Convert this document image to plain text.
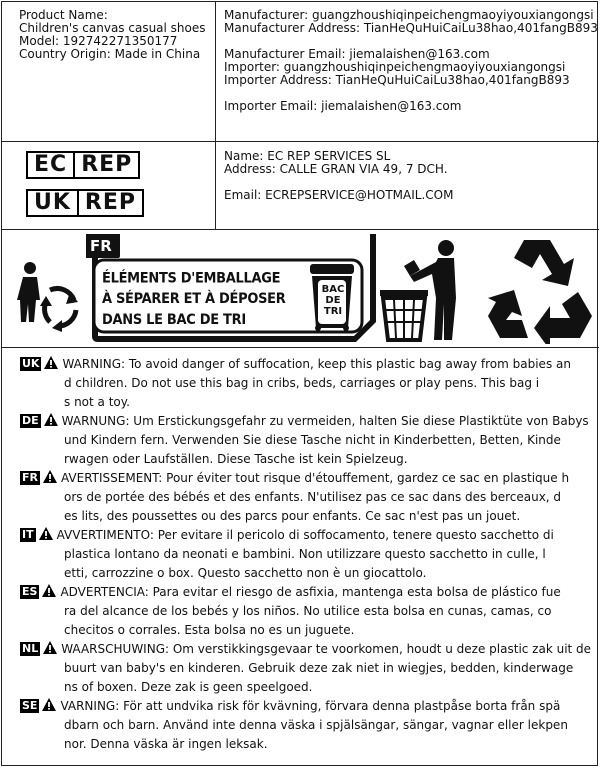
Product Name:
Children's canvas casual shoes
Model: 192742271350177
Country Origin: Made in China
Manufacturer: guangzhoushiqinpeichengmaoyiyouxiangongsi
Manufacturer Address: TianHeQuHuiCaiLu38hao,401fangB893

Manufacturer Email: jiemalaishen@163.com
Importer: guangzhoushiqinpeichengmaoyiyouxiangongsi
Importer Address: TianHeQuHuiCaiLu38hao,401fangB893

Importer Email: jiemalaishen@163.com
EC REP
UK REP
Name: EC REP SERVICES SL
Address: CALLE GRAN VIA 49, 7 DCH.

Email: ECREPSERVICE@HOTMAIL.COM
FR
ÉLÉMENTS D'EMBALLAGE
À SÉPARER ET À DÉPOSER
DANS LE BAC DE TRI
BAC
DE
TRI
UK WARNING: To avoid danger of suffocation, keep this plastic bag away from babies an
d children. Do not use this bag in cribs, beds, carriages or play pens. This bag i
s not a toy.
DE WARNUNG: Um Erstickungsgefahr zu vermeiden, halten Sie diese Plastiktüte von Babys
und Kindern fern. Verwenden Sie diese Tasche nicht in Kinderbetten, Betten, Kinde
rwagen oder Laufställen. Diese Tasche ist kein Spielzeug.
FR AVERTISSEMENT: Pour éviter tout risque d'étouffement, gardez ce sac en plastique h
ors de portée des bébés et des enfants. N'utilisez pas ce sac dans des berceaux, d
es lits, des poussettes ou des parcs pour enfants. Ce sac n'est pas un jouet.
IT AVVERTIMENTO: Per evitare il pericolo di soffocamento, tenere questo sacchetto di
plastica lontano da neonati e bambini. Non utilizzare questo sacchetto in culle, l
etti, carrozzine o box. Questo sacchetto non è un giocattolo.
ES ADVERTENCIA: Para evitar el riesgo de asfixia, mantenga esta bolsa de plástico fue
ra del alcance de los bebés y los niños. No utilice esta bolsa en cunas, camas, co
checitos o corrales. Esta bolsa no es un juguete.
NL WAARSCHUWING: Om verstikkingsgevaar te voorkomen, houdt u deze plastic zak uit de
buurt van baby's en kinderen. Gebruik deze zak niet in wiegjes, bedden, kinderwage
ns of boxen. Deze zak is geen speelgoed.
SE VARNING: För att undvika risk för kvävning, förvara denna plastpåse borta från spä
dbarn och barn. Använd inte denna väska i spjälsängar, sängar, vagnar eller lekpen
nor. Denna väska är ingen leksak.
